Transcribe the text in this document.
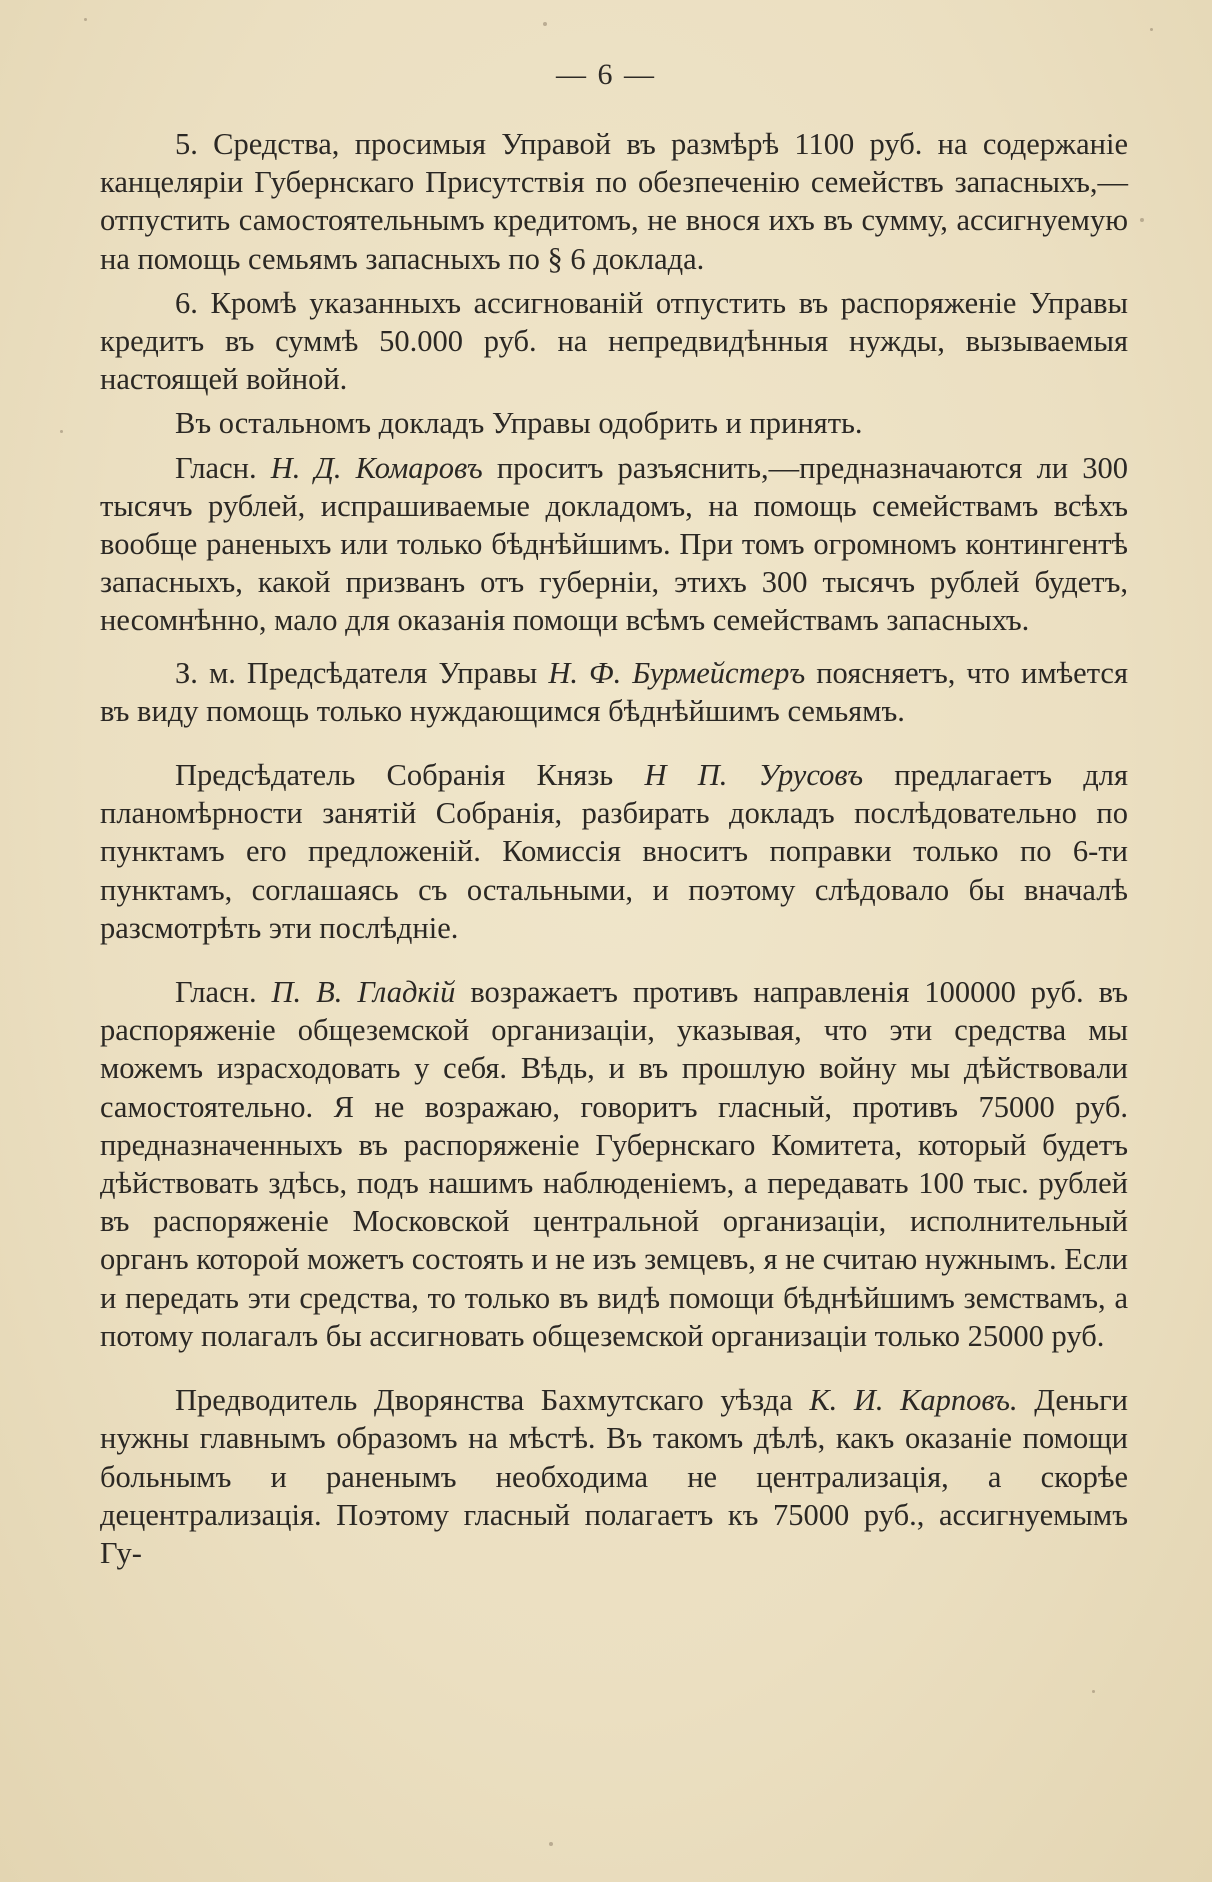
— 6 —

5. Средства, просимыя Управой въ размѣрѣ 1100 руб. на содержаніе канцеляріи Губернскаго Присутствія по обезпеченію семействъ запасныхъ,— отпустить самостоятельнымъ кредитомъ, не внося ихъ въ сумму, ассигнуемую на помощь семьямъ запасныхъ по § 6 доклада.

6. Кромѣ указанныхъ ассигнованій отпустить въ распоряженіе Управы кредитъ въ суммѣ 50.000 руб. на непредвидѣнныя нужды, вызываемыя настоящей войной.

Въ остальномъ докладъ Управы одобрить и принять.

Гласн. Н. Д. Комаровъ проситъ разъяснить,—предназначаются ли 300 тысячъ рублей, испрашиваемые докладомъ, на помощь семействамъ всѣхъ вообще раненыхъ или только бѣднѣйшимъ. При томъ огромномъ контингентѣ запасныхъ, какой призванъ отъ губерніи, этихъ 300 тысячъ рублей будетъ, несомнѣнно, мало для оказанія помощи всѣмъ семействамъ запасныхъ.

З. м. Предсѣдателя Управы Н. Ф. Бурмейстеръ поясняетъ, что имѣется въ виду помощь только нуждающимся бѣднѣйшимъ семьямъ.

Предсѣдатель Собранія Князь Н П. Урусовъ предлагаетъ для планомѣрности занятій Собранія, разбирать докладъ послѣдовательно по пунктамъ его предложеній. Комиссія вноситъ поправки только по 6-ти пунктамъ, соглашаясь съ остальными, и поэтому слѣдовало бы вначалѣ разсмотрѣть эти послѣдніе.

Гласн. П. В. Гладкій возражаетъ противъ направленія 100000 руб. въ распоряженіе общеземской организаціи, указывая, что эти средства мы можемъ израсходовать у себя. Вѣдь, и въ прошлую войну мы дѣйствовали самостоятельно. Я не возражаю, говоритъ гласный, противъ 75000 руб. предназначенныхъ въ распоряженіе Губернскаго Комитета, который будетъ дѣйствовать здѣсь, подъ нашимъ наблюденіемъ, а передавать 100 тыс. рублей въ распоряженіе Московской центральной организаціи, исполнительный органъ которой можетъ состоять и не изъ земцевъ, я не считаю нужнымъ. Если и передать эти средства, то только въ видѣ помощи бѣднѣйшимъ земствамъ, а потому полагалъ бы ассигновать общеземской организаціи только 25000 руб.

Предводитель Дворянства Бахмутскаго уѣзда К. И. Карповъ. Деньги нужны главнымъ образомъ на мѣстѣ. Въ такомъ дѣлѣ, какъ оказаніе помощи больнымъ и раненымъ необходима не централизація, а скорѣе децентрализація. Поэтому гласный полагаетъ къ 75000 руб., ассигнуемымъ Гу-
